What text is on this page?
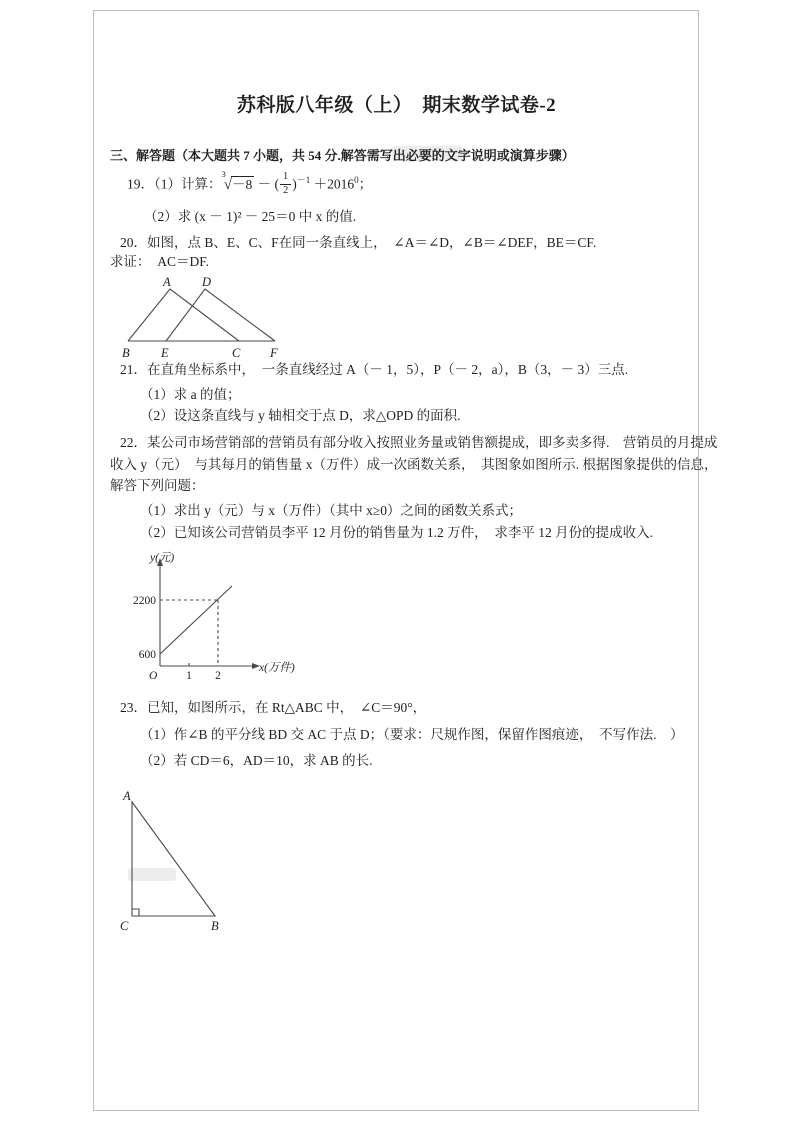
苏科版八年级（上）　期末数学试卷-2
三、解答题（本大题共 7 小题，共 54 分.解答需写出必要的文字说明或演算步骤）
19．（1）计算：$^3$√－8 － ( $\frac{1}{2} )^{-1} +2016^0$；
（2）求 (x － 1)² － 25＝0 中 x 的值.
20．如图，点 B、E、C、F在同一条直线上，　∠A＝∠D，∠B＝∠DEF，BE＝CF.
求证：　AC＝DF.
A	D
B	E	C F
21．在直角坐标系中，　一条直线经过 A（－ 1，5），P（－ 2，a），B（3，－ 3）三点.
（1）求 a 的值；
（2）设这条直线与 y 轴相交于点 D，求△OPD 的面积.
22．某公司市场营销部的营销员有部分收入按照业务量或销售额提成，即多卖多得.　营销员的月提成
收入 y（元）　与其每月的销售量 x（万件）成一次函数关系，　其图象如图所示. 根据图象提供的信息，
解答下列问题：
（1）求出 y（元）与 x（万件）（其中 x≥0）之间的函数关系式；
（2）已知该公司营销员李平 12 月份的销售量为 1.2 万件，　求李平 12 月份的提成收入.
y(元)
2200
600
O	1 2
x(万件)
23．已知，如图所示，在 Rt△ABC 中，　∠C＝90°，
（1）作∠B 的平分线 BD 交 AC 于点 D；（要求：尺规作图，保留作图痕迹，　不写作法.　）
（2）若 CD＝6，AD＝10，求 AB 的长.
A
C	B
